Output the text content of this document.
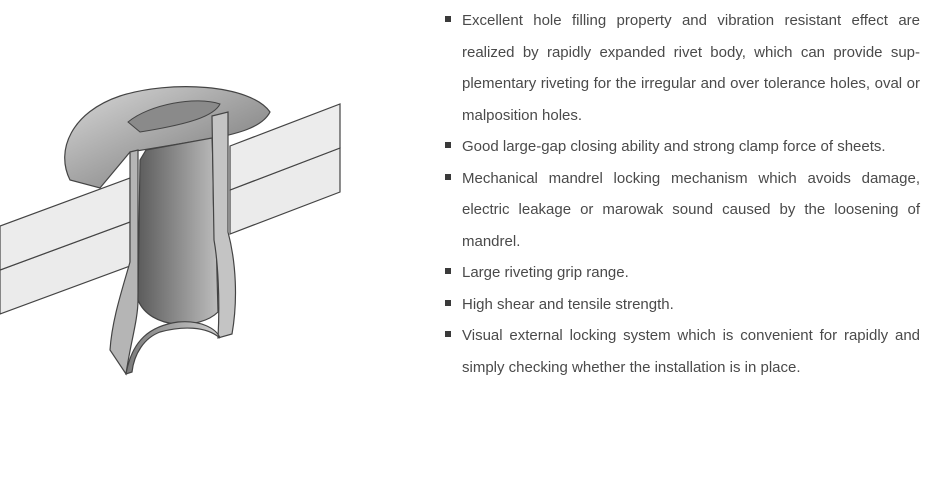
Excellent hole filling property and vibration resistant effect are realized by rapidly expanded rivet body, which can provide sup-plementary riveting for the irregular and over tolerance holes, oval or malposition holes.
Good large-gap closing ability and strong clamp force of sheets.
Mechanical mandrel locking mechanism which avoids damage, electric leakage or marowak sound caused by the loosening of mandrel.
Large riveting grip range.
High shear and tensile strength.
Visual external locking system which is convenient for rapidly and simply checking whether the installation is in place.
